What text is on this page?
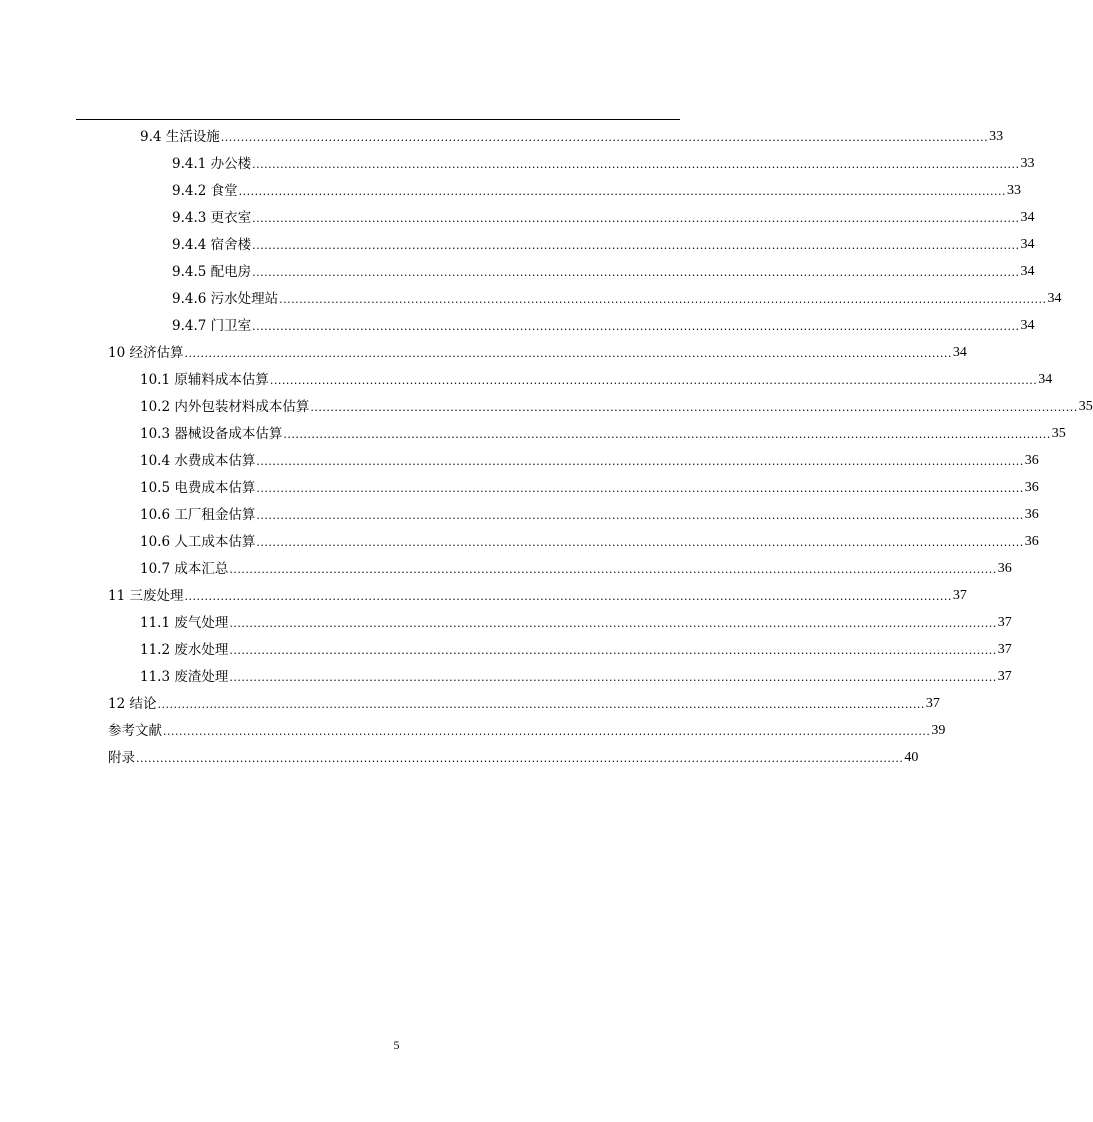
9.4 生活设施 ................................................................................................................................................................................................ 33
9.4.1 办公楼 ................................................................................................................................................................................................ 33
9.4.2 食堂 ................................................................................................................................................................................................ 33
9.4.3 更衣室 ................................................................................................................................................................................................ 34
9.4.4 宿舍楼 ................................................................................................................................................................................................ 34
9.4.5 配电房 ................................................................................................................................................................................................ 34
9.4.6 污水处理站 ................................................................................................................................................................................................ 34
9.4.7 门卫室 ................................................................................................................................................................................................ 34
10 经济估算 ................................................................................................................................................................................................ 34
10.1 原辅料成本估算 ................................................................................................................................................................................................ 34
10.2 内外包装材料成本估算 ................................................................................................................................................................................................ 35
10.3 器械设备成本估算 ................................................................................................................................................................................................ 35
10.4 水费成本估算 ................................................................................................................................................................................................ 36
10.5 电费成本估算 ................................................................................................................................................................................................ 36
10.6 工厂租金估算 ................................................................................................................................................................................................ 36
10.6 人工成本估算 ................................................................................................................................................................................................ 36
10.7 成本汇总 ................................................................................................................................................................................................ 36
11 三废处理 ................................................................................................................................................................................................ 37
11.1 废气处理 ................................................................................................................................................................................................ 37
11.2 废水处理 ................................................................................................................................................................................................ 37
11.3 废渣处理 ................................................................................................................................................................................................ 37
12 结论 ................................................................................................................................................................................................ 37
参考文献 ................................................................................................................................................................................................ 39
附录 ................................................................................................................................................................................................ 40
5
